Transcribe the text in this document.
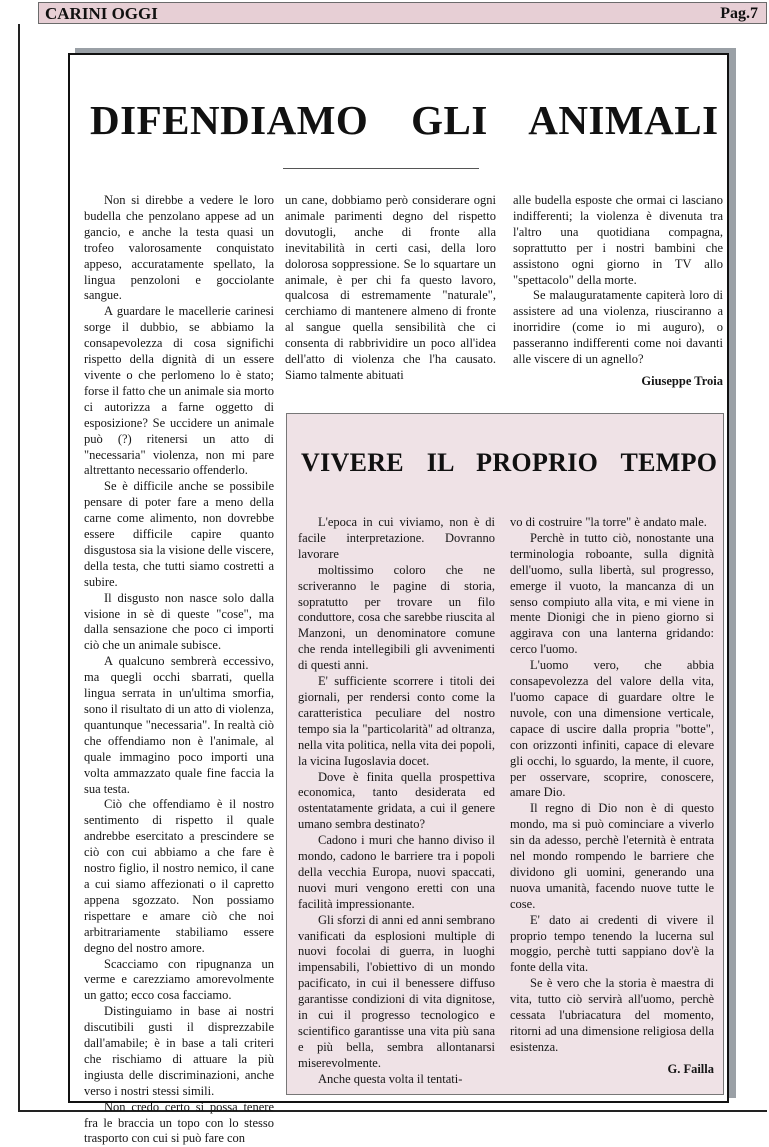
CARINI OGGI	Pag.7
DIFENDIAMO GLI ANIMALI

Non si direbbe a vedere le loro budella che penzolano appese ad un gancio, e anche la testa quasi un trofeo valorosamente conquistato appeso, accuratamente spellato, la lingua penzoloni e gocciolante sangue.

A guardare le macellerie carinesi sorge il dubbio, se abbiamo la consapevolezza di cosa significhi rispetto della dignità di un essere vivente o che perlomeno lo è stato; forse il fatto che un animale sia morto ci autorizza a farne oggetto di esposizione? Se uccidere un animale può (?) ritenersi un atto di "necessaria" violenza, non mi pare altrettanto necessario offenderlo.

Se è difficile anche se possibile pensare di poter fare a meno della carne come alimento, non dovrebbe essere difficile capire quanto disgustosa sia la visione delle viscere, della testa, che tutti siamo costretti a subire.

Il disgusto non nasce solo dalla visione in sè di queste "cose", ma dalla sensazione che poco ci importi ciò che un animale subisce.

A qualcuno sembrerà eccessivo, ma quegli occhi sbarrati, quella lingua serrata in un'ultima smorfia, sono il risultato di un atto di violenza, quantunque "necessaria". In realtà ciò che offendiamo non è l'animale, al quale immagino poco importi una volta ammazzato quale fine faccia la sua testa.

Ciò che offendiamo è il nostro sentimento di rispetto il quale andrebbe esercitato a prescindere se ciò con cui abbiamo a che fare è nostro figlio, il nostro nemico, il cane a cui siamo affezionati o il capretto appena sgozzato. Non possiamo rispettare e amare ciò che noi arbitrariamente stabiliamo essere degno del nostro amore.

Scacciamo con ripugnanza un verme e carezziamo amorevolmente un gatto; ecco cosa facciamo.

Distinguiamo in base ai nostri discutibili gusti il disprezzabile dall'amabile; è in base a tali criteri che rischiamo di attuare la più ingiusta delle discriminazioni, anche verso i nostri stessi simili.

Non credo certo si possa tenere fra le braccia un topo con lo stesso trasporto con cui si può fare con

un cane, dobbiamo però considerare ogni animale parimenti degno del rispetto dovutogli, anche di fronte alla inevitabilità in certi casi, della loro dolorosa soppressione. Se lo squartare un animale, è per chi fa questo lavoro, qualcosa di estremamente "naturale", cerchiamo di mantenere almeno di fronte al sangue quella sensibilità che ci consenta di rabbrividire un poco all'idea dell'atto di violenza che l'ha causato. Siamo talmente abituati

alle budella esposte che ormai ci lasciano indifferenti; la violenza è divenuta tra l'altro una quotidiana compagna, soprattutto per i nostri bambini che assistono ogni giorno in TV allo "spettacolo" della morte.

Se malauguratamente capiterà loro di assistere ad una violenza, riusciranno a inorridire (come io mi auguro), o passeranno indifferenti come noi davanti alle viscere di un agnello?

Giuseppe Troia
VIVERE IL PROPRIO TEMPO

L'epoca in cui viviamo, non è di facile interpretazione. Dovranno lavorare

moltissimo coloro che ne scriveranno le pagine di storia, sopratutto per trovare un filo conduttore, cosa che sarebbe riuscita al Manzoni, un denominatore comune che renda intellegibili gli avvenimenti di questi anni.

E' sufficiente scorrere i titoli dei giornali, per rendersi conto come la caratteristica peculiare del nostro tempo sia la "particolarità" ad oltranza, nella vita politica, nella vita dei popoli, la vicina Iugoslavia docet.

Dove è finita quella prospettiva economica, tanto desiderata ed ostentatamente gridata, a cui il genere umano sembra destinato?

Cadono i muri che hanno diviso il mondo, cadono le barriere tra i popoli della vecchia Europa, nuovi spaccati, nuovi muri vengono eretti con una facilità impressionante.

Gli sforzi di anni ed anni sembrano vanificati da esplosioni multiple di nuovi focolai di guerra, in luoghi impensabili, l'obiettivo di un mondo pacificato, in cui il benessere diffuso garantisse condizioni di vita dignitose, in cui il progresso tecnologico e scientifico garantisse una vita più sana e più bella, sembra allontanarsi miserevolmente.

Anche questa volta il tentati-

vo di costruire "la torre" è andato male.

Perchè in tutto ciò, nonostante una terminologia roboante, sulla dignità dell'uomo, sulla libertà, sul progresso, emerge il vuoto, la mancanza di un senso compiuto alla vita, e mi viene in mente Dionigi che in pieno giorno si aggirava con una lanterna gridando: cerco l'uomo.

L'uomo vero, che abbia consapevolezza del valore della vita, l'uomo capace di guardare oltre le nuvole, con una dimensione verticale, capace di uscire dalla propria "botte", con orizzonti infiniti, capace di elevare gli occhi, lo sguardo, la mente, il cuore, per osservare, scoprire, conoscere, amare Dio.

Il regno di Dio non è di questo mondo, ma si può cominciare a viverlo sin da adesso, perchè l'eternità è entrata nel mondo rompendo le barriere che dividono gli uomini, generando una nuova umanità, facendo nuove tutte le cose.

E' dato ai credenti di vivere il proprio tempo tenendo la lucerna sul moggio, perchè tutti sappiano dov'è la fonte della vita.

Se è vero che la storia è maestra di vita, tutto ciò servirà all'uomo, perchè cessata l'ubriacatura del momento, ritorni ad una dimensione religiosa della esistenza.

G. Failla
